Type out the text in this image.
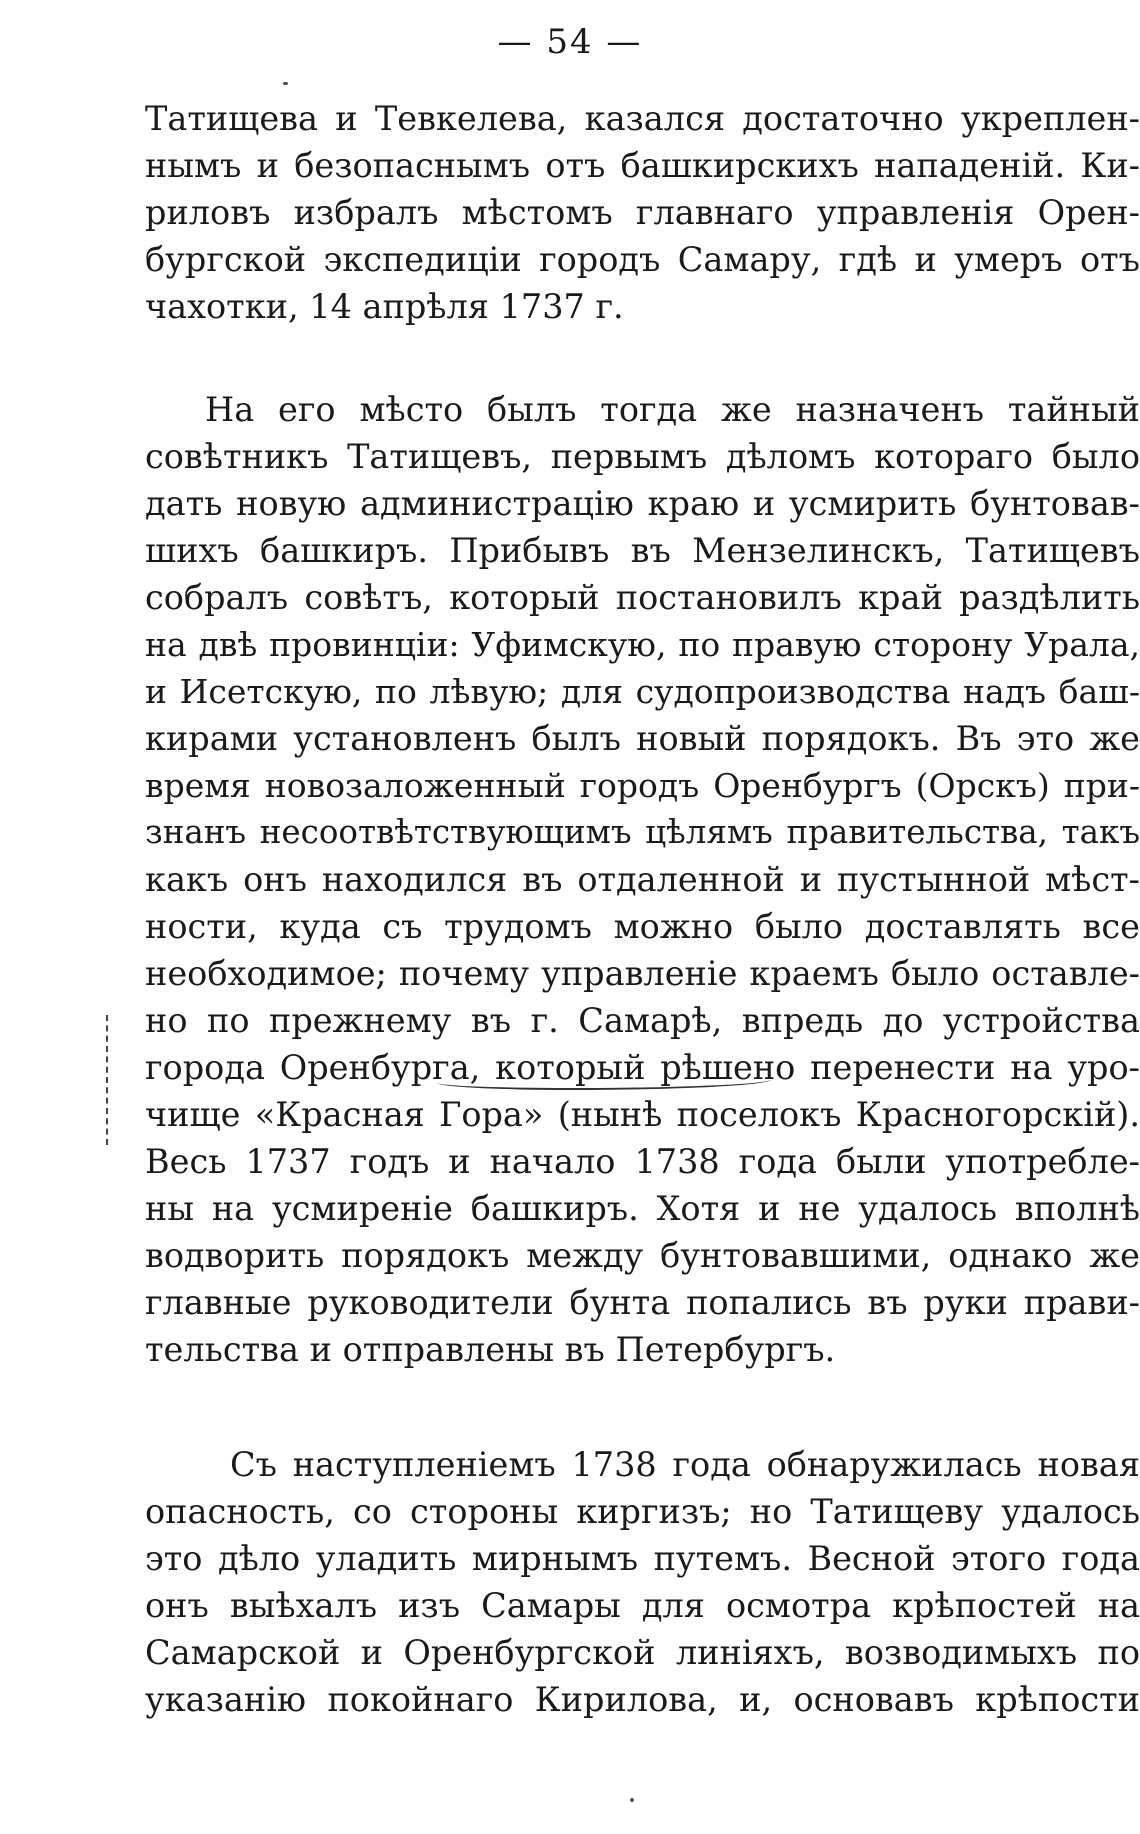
— 54 —
Татищева и Тевкелева, казался достаточно укреплен-
нымъ и безопаснымъ отъ башкирскихъ нападеній. Ки-
риловъ избралъ мѣстомъ главнаго управленія Орен-
бургской экспедиціи городъ Самару, гдѣ и умеръ отъ
чахотки, 14 апрѣля 1737 г.
На его мѣсто былъ тогда же назначенъ тайный
совѣтникъ Татищевъ, первымъ дѣломъ котораго было
дать новую администрацію краю и усмирить бунтовав-
шихъ башкиръ. Прибывъ въ Мензелинскъ, Татищевъ
собралъ совѣтъ, который постановилъ край раздѣлить
на двѣ провинціи: Уфимскую, по правую сторону Урала,
и Исетскую, по лѣвую; для судопроизводства надъ баш-
кирами установленъ былъ новый порядокъ. Въ это же
время новозаложенный городъ Оренбургъ (Орскъ) при-
знанъ несоотвѣтствующимъ цѣлямъ правительства, такъ
какъ онъ находился въ отдаленной и пустынной мѣст-
ности, куда съ трудомъ можно было доставлять все
необходимое; почему управленіе краемъ было оставле-
но по прежнему въ г. Самарѣ, впредь до устройства
города Оренбурга, который рѣшено перенести на уро-
чище «Красная Гора» (нынѣ поселокъ Красногорскій).
Весь 1737 годъ и начало 1738 года были употребле-
ны на усмиреніе башкиръ. Хотя и не удалось вполнѣ
водворить порядокъ между бунтовавшими, однако же
главные руководители бунта попались въ руки прави-
тельства и отправлены въ Петербургъ.
Съ наступленіемъ 1738 года обнаружилась новая
опасность, со стороны киргизъ; но Татищеву удалось
это дѣло уладить мирнымъ путемъ. Весной этого года
онъ выѣхалъ изъ Самары для осмотра крѣпостей на
Самарской и Оренбургской линіяхъ, возводимыхъ по
указанію покойнаго Кирилова, и, основавъ крѣпости
